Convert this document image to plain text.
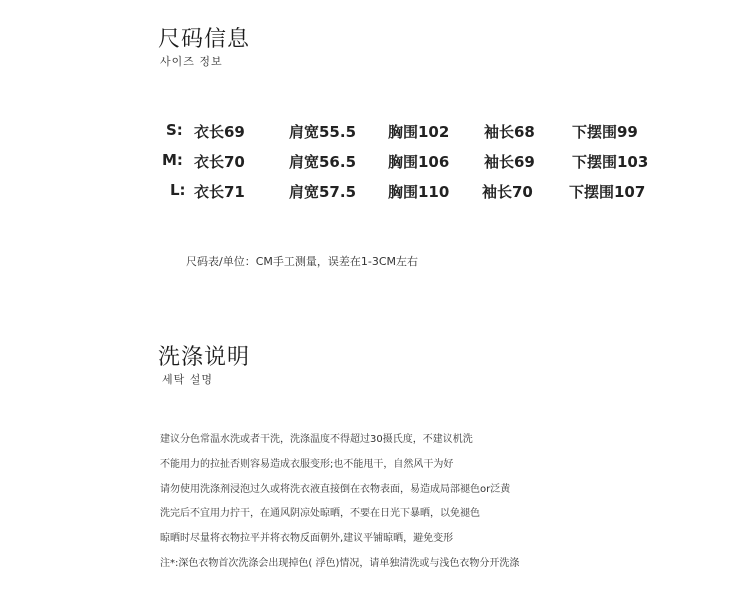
尺码信息
사이즈 정보
S: 衣长69	肩宽55.5 胸围102 袖长68 下摆围99
M: 衣长70	肩宽56.5 胸围106 袖长69 下摆围103
L: 衣长71	肩宽57.5 胸围110 袖长70 下摆围107
尺码表/单位：CM手工测量，误差在1-3CM左右
洗涤说明
세탁 설명
建议分色常温水洗或者干洗，洗涤温度不得超过30摄氏度，不建议机洗
不能用力的拉扯否则容易造成衣服变形;也不能甩干，自然风干为好
请勿使用洗涤剂浸泡过久或将洗衣液直接倒在衣物表面，易造成局部褪色or泛黄
洗完后不宜用力拧干，在通风阴凉处晾晒，不要在日光下暴晒，以免褪色
晾晒时尽量将衣物拉平并将衣物反面朝外,建议平铺晾晒，避免变形
注*:深色衣物首次洗涤会出现掉色( 浮色)情况，请单独清洗或与浅色衣物分开洗涤
